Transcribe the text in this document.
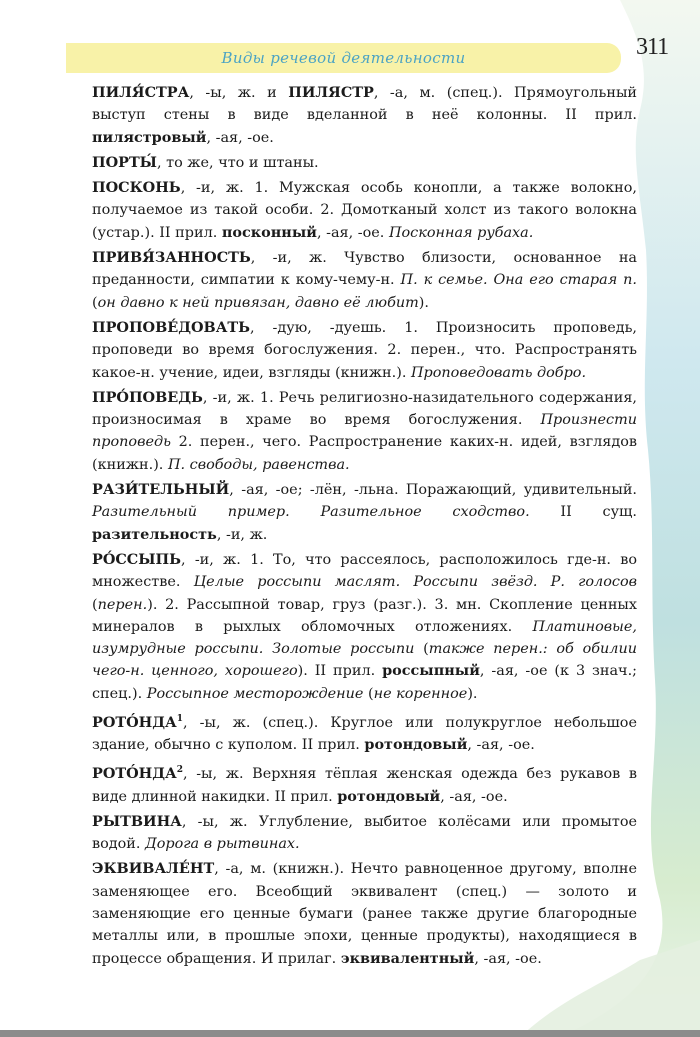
Виды речевой деятельности	311

ПИЛЯ́СТРА, -ы, ж. и ПИЛЯСТР, -а, м. (спец.). Прямоугольный выступ стены в виде вделанной в неё колонны. II прил. пилястровый, -ая, -ое.

ПОРТЫ́, то же, что и штаны.

ПОСКОНЬ, -и, ж. 1. Мужская особь конопли, а также волокно, получаемое из такой особи. 2. Домотканый холст из такого волокна (устар.). II прил. посконный, -ая, -ое. Посконная рубаха.

ПРИВЯ́ЗАННОСТЬ, -и, ж. Чувство близости, основанное на преданности, симпатии к кому-чему-н. П. к семье. Она его старая п. (он давно к ней привязан, давно её любит).

ПРОПОВЕ́ДОВАТЬ, -дую, -дуешь. 1. Произносить проповедь, проповеди во время богослужения. 2. перен., что. Распространять какое-н. учение, идеи, взгляды (книжн.). Проповедовать добро.

ПРО́ПОВЕДЬ, -и, ж. 1. Речь религиозно-назидательного содержания, произносимая в храме во время богослужения. Произнести проповедь 2. перен., чего. Распространение каких-н. идей, взглядов (книжн.). П. свободы, равенства.

РАЗИ́ТЕЛЬНЫЙ, -ая, -ое; -лён, -льна. Поражающий, удивительный. Разительный пример. Разительное сходство. II сущ. разительность, -и, ж.

РО́ССЫПЬ, -и, ж. 1. То, что рассеялось, расположилось где-н. во множестве. Целые россыпи маслят. Россыпи звёзд. Р. голосов (перен.). 2. Рассыпной товар, груз (разг.). 3. мн. Скопление ценных минералов в рыхлых обломочных отложениях. Платиновые, изумрудные россыпи. Золотые россыпи (также перен.: об обилии чего-н. ценного, хорошего). II прил. россыпный, -ая, -ое (к 3 знач.; спец.). Россыпное месторождение (не коренное).

РОТО́НДА$^1$, -ы, ж. (спец.). Круглое или полукруглое небольшое здание, обычно с куполом. II прил. ротондовый, -ая, -ое.

РОТО́НДА$^2$, -ы, ж. Верхняя тёплая женская одежда без рукавов в виде длинной накидки. II прил. ротондовый, -ая, -ое.

РЫТВИНА, -ы, ж. Углубление, выбитое колёсами или промытое водой. Дорога в рытвинах.

ЭКВИВАЛЕ́НТ, -а, м. (книжн.). Нечто равноценное другому, вполне заменяющее его. Всеобщий эквивалент (спец.) — золото и заменяющие его ценные бумаги (ранее также другие благородные металлы или, в прошлые эпохи, ценные продукты), находящиеся в процессе обращения. И прилаг. эквивалентный, -ая, -ое.
